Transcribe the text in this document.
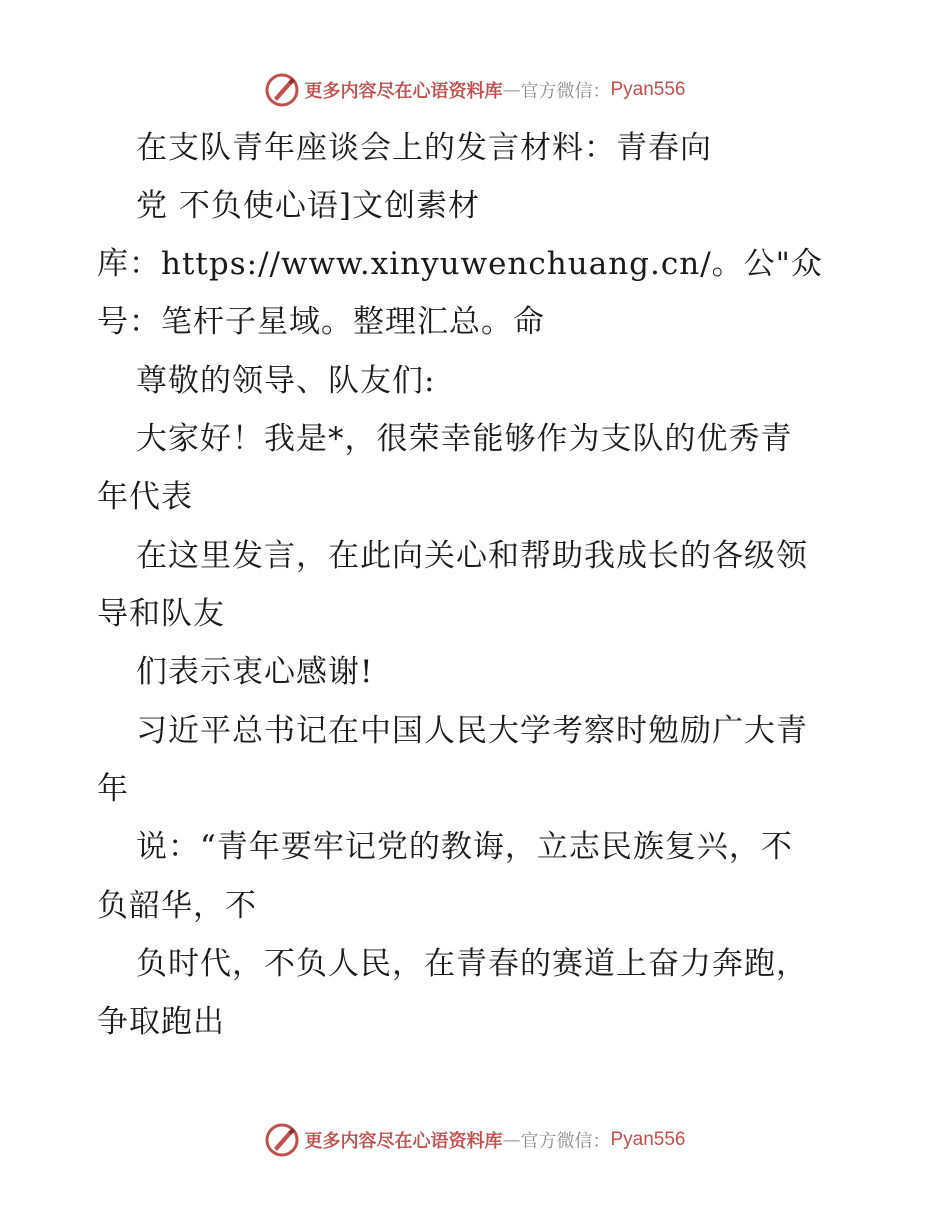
更多内容尽在心语资料库 — 官方微信： Pyan556
在支队青年座谈会上的发言材料：青春向
党 不负使心语]文创素材
库：https://www.xinyuwenchuang.cn/。公"众
号：笔杆子星域。整理汇总。命
尊敬的领导、队友们:
大家好！我是*，很荣幸能够作为支队的优秀青
年代表
在这里发言，在此向关心和帮助我成长的各级领
导和队友
们表示衷心感谢!
习近平总书记在中国人民大学考察时勉励广大青
年
说：“青年要牢记党的教诲，立志民族复兴，不
负韶华，不
负时代，不负人民，在青春的赛道上奋力奔跑，
争取跑出
更多内容尽在心语资料库 — 官方微信： Pyan556
